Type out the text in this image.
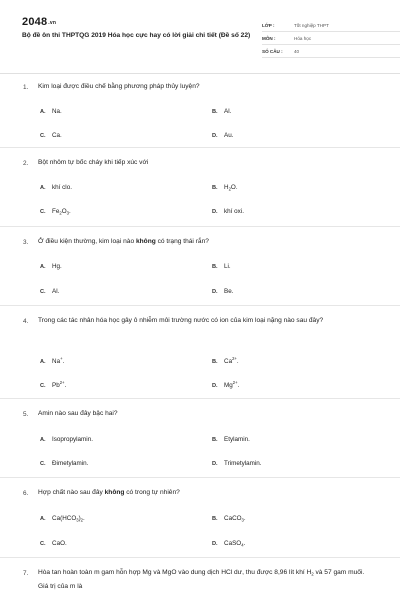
2048.vn
Bộ đề ôn thi THPTQG 2019 Hóa học cực hay có lời giải chi tiết (Đề số 22)
LỚP :	Tốt nghiệp THPT
MÔN :	Hóa học
SỐ CÂU :	40
1. Kim loại được điều chế bằng phương pháp thủy luyện?
A. Na.	B. Al.
C. Ca.	D. Au.
2. Bột nhôm tự bốc cháy khi tiếp xúc với
A. khí clo.	B. $H_2O$.
C. $Fe_2O_3$.	D. khí oxi.
3. Ở điều kiện thường, kim loại nào không có trạng thái rắn?
A. Hg.	B. Li.
C. Al.	D. Be.
4. Trong các tác nhân hóa học gây ô nhiễm môi trường nước có ion của kim loại nặng nào sau đây?
A. Na+.	B. $Ca^{2+}$.
C. $Pb^{2+}$.	D. $Mg^{2+}$.
5. Amin nào sau đây bậc hai?
A. Isopropylamin.	B. Etylamin.
C. Đimetylamin.	D. Trimetylamin.
6. Hợp chất nào sau đây không có trong tự nhiên?
A. $Ca(HCO_3)_2$.	B. CaCO$_3$.
C. CaO.	D. CaSO$_4$.
7. Hòa tan hoàn toàn m gam hỗn hợp Mg và MgO vào dung dịch HCl dư, thu được 8,96 lít khí $H_2$ và 57 gam muối. Giá trị của m là
